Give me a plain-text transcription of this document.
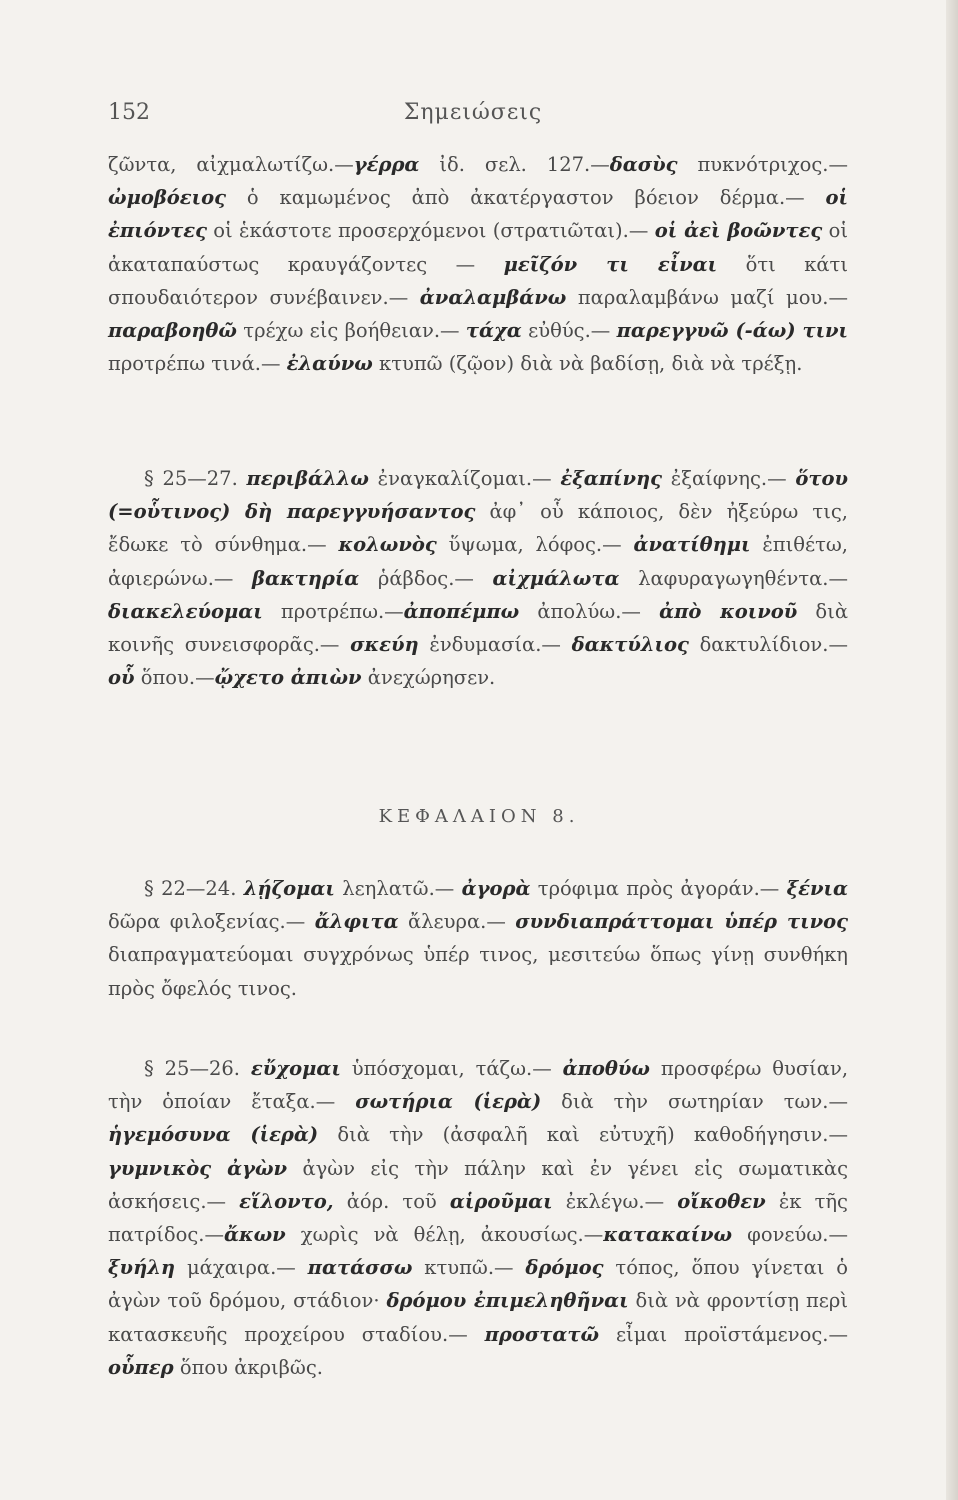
152	Σημειώσεις
ζῶντα, αἰχμαλωτίζω.—γέρρα ἰδ. σελ. 127.—δασὺς πυκνότριχος.—ὠμοβόειος ὁ καμωμένος ἀπὸ ἀκατέργαστον βόειον δέρμα.— οἱ ἐπιόντες οἱ ἑκάστοτε προσερχόμενοι (στρατιῶται).— οἱ ἀεὶ βοῶντες οἱ ἀκαταπαύστως κραυγάζοντες — μεῖζόν τι εἶναι ὅτι κάτι σπουδαιότερον συνέβαινεν.— ἀναλαμβάνω παραλαμβάνω μαζί μου.— παραβοηθῶ τρέχω εἰς βοήθειαν.— τάχα εὐθύς.— παρεγγυῶ (-άω) τινι προτρέπω τινά.— ἐλαύνω κτυπῶ (ζῷον) διὰ νὰ βαδίσῃ, διὰ νὰ τρέξῃ.
§ 25—27. περιβάλλω ἐναγκαλίζομαι.— ἐξαπίνης ἐξαίφνης.— ὅτου (=οὗτινος) δὴ παρεγγυήσαντος ἀφ᾽ οὗ κάποιος, δὲν ἠξεύρω τις, ἔδωκε τὸ σύνθημα.— κολωνὸς ὕψωμα, λόφος.— ἀνατίθημι ἐπιθέτω, ἀφιερώνω.— βακτηρία ῥάβδος.— αἰχμάλωτα λαφυραγωγηθέντα.— διακελεύομαι προτρέπω.—ἀποπέμπω ἀπολύω.— ἀπὸ κοινοῦ διὰ κοινῆς συνεισφορᾶς.— σκεύη ἐνδυμασία.— δακτύλιος δακτυλίδιον.—οὗ ὅπου.—ᾤχετο ἀπιὼν ἀνεχώρησεν.
ΚΕΦΑΛΑΙΟΝ 8.
§ 22—24. λῄζομαι λεηλατῶ.— ἀγορὰ τρόφιμα πρὸς ἀγοράν.— ξένια δῶρα φιλοξενίας.— ἄλφιτα ἄλευρα.— συνδιαπράττομαι ὑπέρ τινος διαπραγματεύομαι συγχρόνως ὑπέρ τινος, μεσιτεύω ὅπως γίνῃ συνθήκη πρὸς ὄφελός τινος.
§ 25—26. εὔχομαι ὑπόσχομαι, τάζω.— ἀποθύω προσφέρω θυσίαν, τὴν ὁποίαν ἔταξα.— σωτήρια (ἱερὰ) διὰ τὴν σωτηρίαν των.— ἡγεμόσυνα (ἱερὰ) διὰ τὴν (ἀσφαλῆ καὶ εὐτυχῆ) καθοδήγησιν.— γυμνικὸς ἀγὼν ἀγὼν εἰς τὴν πάλην καὶ ἐν γένει εἰς σωματικὰς ἀσκήσεις.— εἵλοντο, ἀόρ. τοῦ αἱροῦμαι ἐκλέγω.— οἴκοθεν ἐκ τῆς πατρίδος.—ἄκων χωρὶς νὰ θέλῃ, ἀκουσίως.—κατακαίνω φονεύω.— ξυήλη μάχαιρα.— πατάσσω κτυπῶ.— δρόμος τόπος, ὅπου γίνεται ὁ ἀγὼν τοῦ δρόμου, στάδιον· δρόμου ἐπιμεληθῆναι διὰ νὰ φροντίσῃ περὶ κατασκευῆς προχείρου σταδίου.— προστατῶ εἶμαι προϊστάμενος.— οὗπερ ὅπου ἀκριβῶς.
